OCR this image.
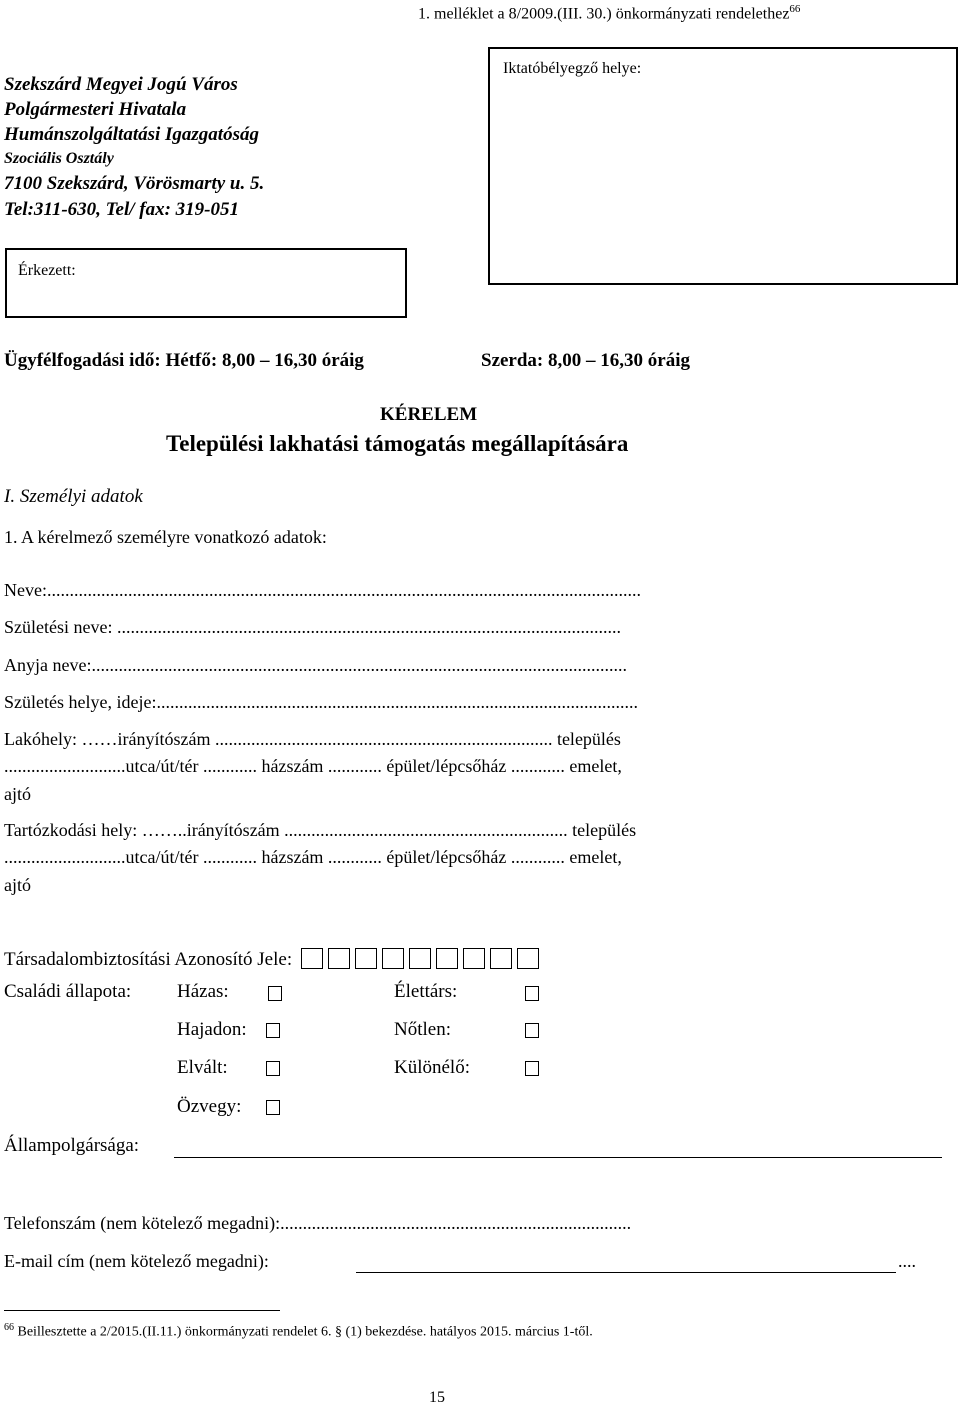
1. melléklet a 8/2009.(III. 30.) önkormányzati rendelethez$^{66}$
Szekszárd Megyei Jogú Város
Polgármesteri Hivatala
Humánszolgáltatási Igazgatóság
Szociális Osztály
7100 Szekszárd, Vörösmarty u. 5.
Tel:311-630, Tel/ fax: 319-051
Iktatóbélyegző helye:
Érkezett:
Ügyfélfogadási idő: Hétfő: 8,00 – 16,30 óráig	Szerda: 8,00 – 16,30 óráig
KÉRELEM
Települési lakhatási támogatás megállapítására
I. Személyi adatok
1. A kérelmező személyre vonatkozó adatok:
Neve:....................................................................................................................................
Születési neve: ................................................................................................................
Anyja neve:.......................................................................................................................
Születés helye, ideje:...........................................................................................................
Lakóhely: ……irányítószám ........................................................................... település
...........................utca/út/tér ............ házszám ............ épület/lépcsőház ............ emelet,
ajtó
Tartózkodási hely: ……..irányítószám ............................................................... település
...........................utca/út/tér ............ házszám ............ épület/lépcsőház ............ emelet,
ajtó
Társadalombiztosítási Azonosító Jele:
Családi állapota: Házas:	Élettárs:
Hajadon:	Nőtlen:
Elvált:	Különélő:
Özvegy:
Állampolgársága:
Telefonszám (nem kötelező megadni):..............................................................................
E-mail cím (nem kötelező megadni):	....
$^{66}$ Beillesztette a 2/2015.(II.11.) önkormányzati rendelet 6. § (1) bekezdése. hatályos 2015. március 1-től.
15
